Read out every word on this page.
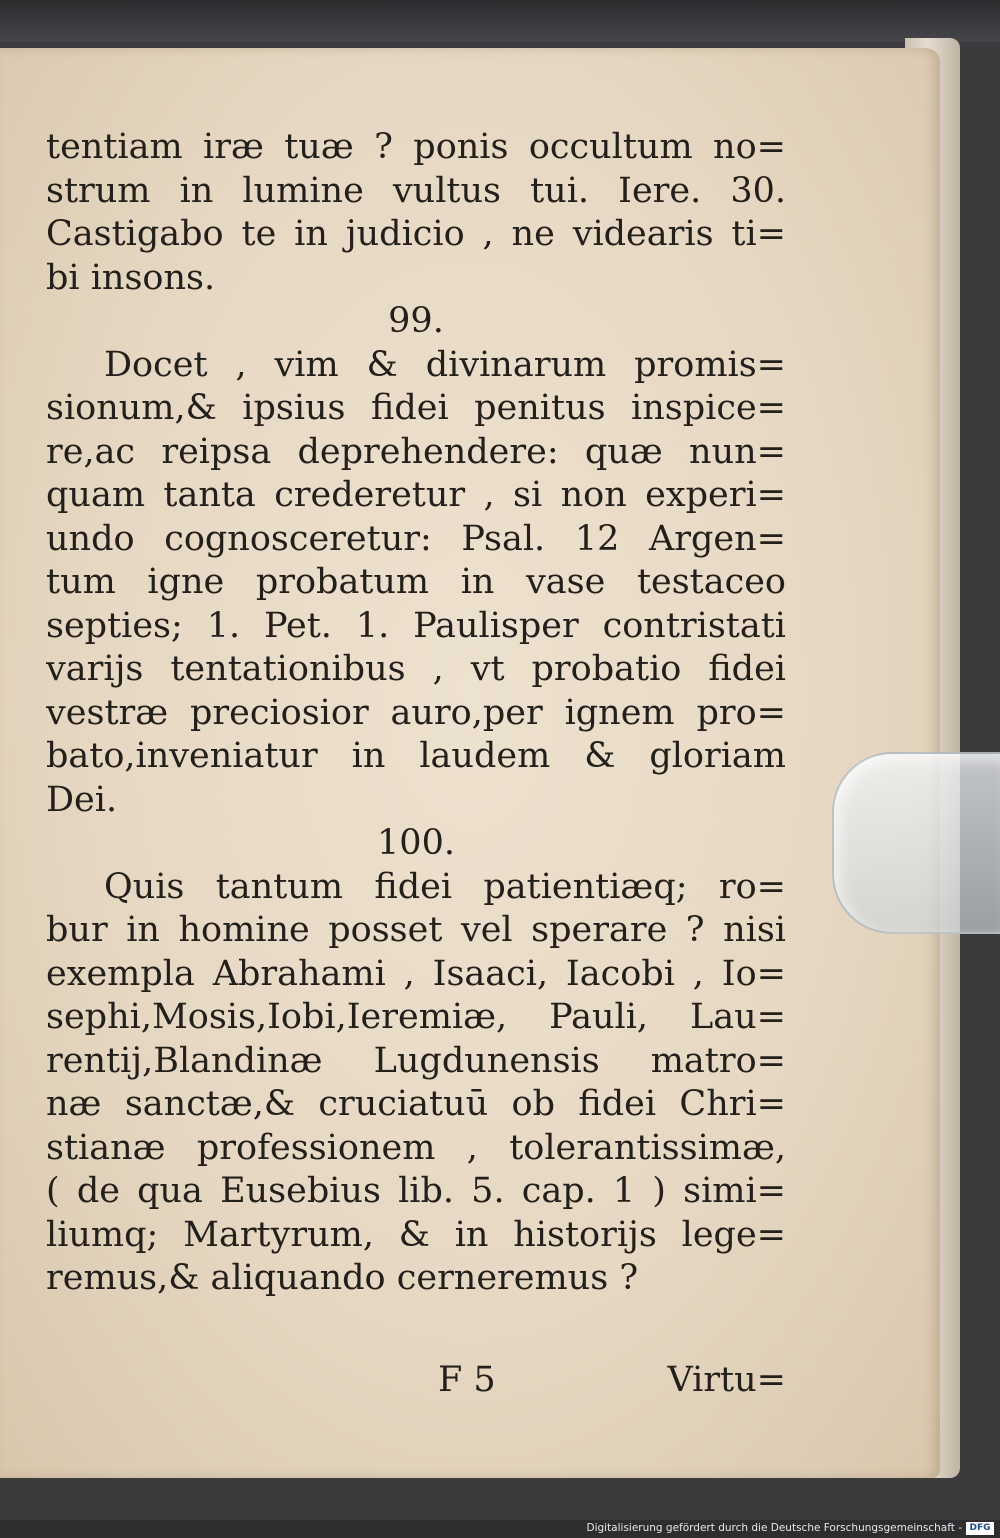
tentiam iræ tuæ ? ponis occultum no=
strum in lumine vultus tui. Iere. 30.
Castigabo te in judicio , ne videaris ti=
bi insons.
99.
Docet , vim & divinarum promis=
sionum,& ipsius fidei penitus inspice=
re,ac reipsa deprehendere: quæ nun=
quam tanta crederetur , si non experi=
undo cognosceretur: Psal. 12 Argen=
tum igne probatum in vase testaceo
septies; 1. Pet. 1. Paulisper contristati
varijs tentationibus , vt probatio fidei
vestræ preciosior auro,per ignem pro=
bato,inveniatur in laudem & gloriam
Dei.
100.
Quis tantum fidei patientiæq; ro=
bur in homine posset vel sperare ? nisi
exempla Abrahami , Isaaci, Iacobi , Io=
sephi,Mosis,Iobi,Ieremiæ, Pauli, Lau=
rentij,Blandinæ Lugdunensis matro=
næ sanctæ,& cruciatuū ob fidei Chri=
stianæ professionem , tolerantissimæ,
( de qua Eusebius lib. 5. cap. 1 ) simi=
liumq; Martyrum, & in historijs lege=
remus,& aliquando cerneremus ?
F 5	Virtu=
Digitalisierung gefördert durch die Deutsche Forschungsgemeinschaft - DFG
